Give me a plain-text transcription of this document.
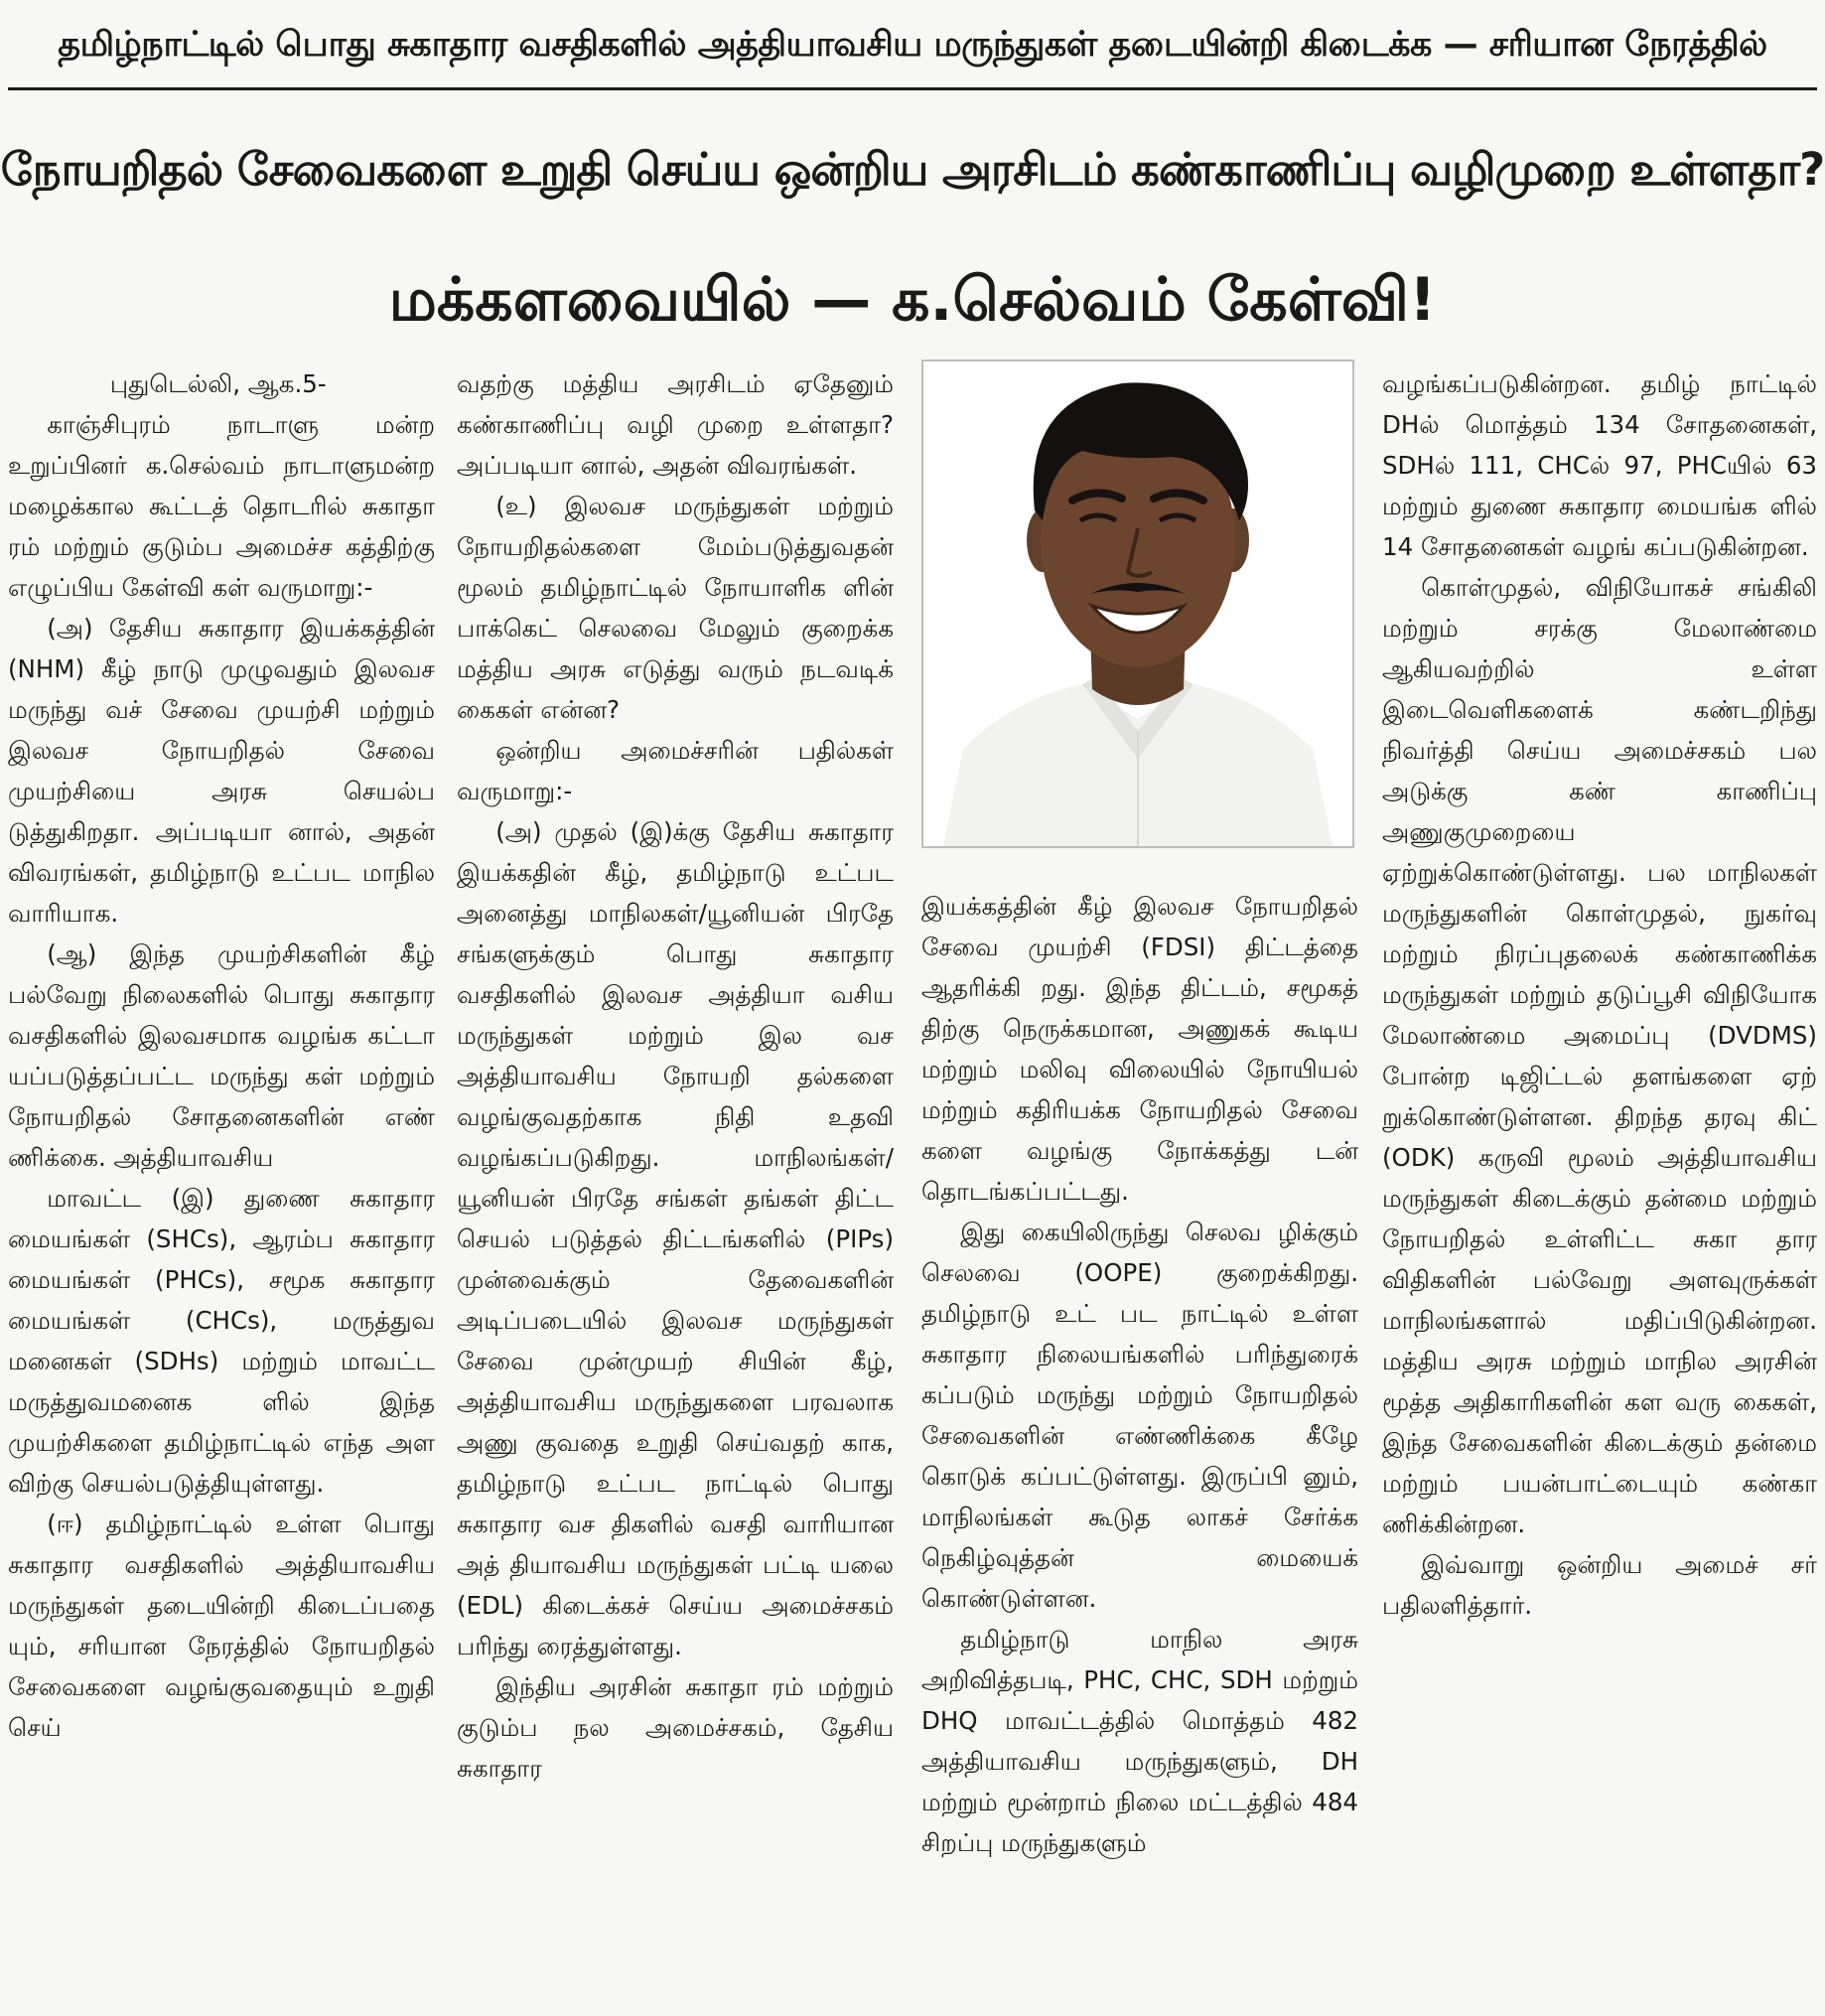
தமிழ்நாட்டில் பொது சுகாதார வசதிகளில் அத்தியாவசிய மருந்துகள் தடையின்றி கிடைக்க — சரியான நேரத்தில்
நோயறிதல் சேவைகளை உறுதி செய்ய ஒன்றிய அரசிடம் கண்காணிப்பு வழிமுறை உள்ளதா?
மக்களவையில் — க.செல்வம் கேள்வி!

புதுடெல்லி, ஆக.5-

காஞ்சிபுரம் நாடாளு மன்ற உறுப்பினர் க.செல்வம் நாடாளுமன்ற மழைக்கால கூட்டத் தொடரில் சுகாதா ரம் மற்றும் குடும்ப அமைச்ச கத்திற்கு எழுப்பிய கேள்வி கள் வருமாறு:-

(அ) தேசிய சுகாதார இயக்கத்தின் (NHM) கீழ் நாடு முழுவதும் இலவச மருந்து வச் சேவை முயற்சி மற்றும் இலவச நோயறிதல் சேவை முயற்சியை அரசு செயல்ப டுத்துகிறதா. அப்படியா னால், அதன் விவரங்கள், தமிழ்நாடு உட்பட மாநில வாரியாக.

(ஆ) இந்த முயற்சிகளின் கீழ் பல்வேறு நிலைகளில் பொது சுகாதார வசதிகளில் இலவசமாக வழங்க கட்டா யப்படுத்தப்பட்ட மருந்து கள் மற்றும் நோயறிதல் சோதனைகளின் எண் ணிக்கை. அத்தியாவசிய

மாவட்ட (இ) துணை சுகாதார மையங்கள் (SHCs), ஆரம்ப சுகாதார மையங்கள் (PHCs), சமூக சுகாதார மையங்கள் (CHCs), மருத்துவ மனைகள் (SDHs) மற்றும் மாவட்ட மருத்துவமனைக ளில் இந்த முயற்சிகளை தமிழ்நாட்டில் எந்த அள விற்கு செயல்படுத்தியுள்ளது.

(ஈ) தமிழ்நாட்டில் உள்ள பொது சுகாதார வசதிகளில் அத்தியாவசிய மருந்துகள் தடையின்றி கிடைப்பதை யும், சரியான நேரத்தில் நோயறிதல் சேவைகளை வழங்குவதையும் உறுதி செய்

வதற்கு மத்திய அரசிடம் ஏதேனும் கண்காணிப்பு வழி முறை உள்ளதா? அப்படியா னால், அதன் விவரங்கள்.

(உ) இலவச மருந்துகள் மற்றும் நோயறிதல்களை மேம்படுத்துவதன் மூலம் தமிழ்நாட்டில் நோயாளிக ளின் பாக்கெட் செலவை மேலும் குறைக்க மத்திய அரசு எடுத்து வரும் நடவடிக் கைகள் என்ன?

ஒன்றிய அமைச்சரின் பதில்கள் வருமாறு:-

(அ) முதல் (இ)க்கு தேசிய சுகாதார இயக்கதின் கீழ், தமிழ்நாடு உட்பட அனைத்து மாநிலகள்/யூனியன் பிரதே சங்களுக்கும் பொது சுகாதார வசதிகளில் இலவச அத்தியா வசிய மருந்துகள் மற்றும் இல வச அத்தியாவசிய நோயறி தல்களை வழங்குவதற்காக நிதி உதவி வழங்கப்படுகிறது. மாநிலங்கள்/யூனியன் பிரதே சங்கள் தங்கள் திட்ட செயல் படுத்தல் திட்டங்களில் (PIPs) முன்வைக்கும் தேவைகளின் அடிப்படையில் இலவச மருந்துகள் சேவை முன்முயற் சியின் கீழ், அத்தியாவசிய மருந்துகளை பரவலாக அணு குவதை உறுதி செய்வதற் காக, தமிழ்நாடு உட்பட நாட்டில் பொது சுகாதார வச திகளில் வசதி வாரியான அத் தியாவசிய மருந்துகள் பட்டி யலை (EDL) கிடைக்கச் செய்ய அமைச்சகம் பரிந்து ரைத்துள்ளது.

இந்திய அரசின் சுகாதா ரம் மற்றும் குடும்ப நல அமைச்சகம், தேசிய சுகாதார

இயக்கத்தின் கீழ் இலவச நோயறிதல் சேவை முயற்சி (FDSI) திட்டத்தை ஆதரிக்கி றது. இந்த திட்டம், சமூகத் திற்கு நெருக்கமான, அணுகக் கூடிய மற்றும் மலிவு விலையில் நோயியல் மற்றும் கதிரியக்க நோயறிதல் சேவை களை வழங்கு நோக்கத்து டன் தொடங்கப்பட்டது.

இது கையிலிருந்து செலவ ழிக்கும் செலவை (OOPE) குறைக்கிறது. தமிழ்நாடு உட் பட நாட்டில் உள்ள சுகாதார நிலையங்களில் பரிந்துரைக் கப்படும் மருந்து மற்றும் நோயறிதல் சேவைகளின் எண்ணிக்கை கீழே கொடுக் கப்பட்டுள்ளது. இருப்பி னும், மாநிலங்கள் கூடுத லாகச் சேர்க்க நெகிழ்வுத்தன் மையைக் கொண்டுள்ளன.

தமிழ்நாடு மாநில அரசு அறிவித்தபடி, PHC, CHC, SDH மற்றும் DHQ மாவட்டத்தில் மொத்தம் 482 அத்தியாவசிய மருந்துகளும், DH மற்றும் மூன்றாம் நிலை மட்டத்தில் 484 சிறப்பு மருந்துகளும்

வழங்கப்படுகின்றன. தமிழ் நாட்டில் DHல் மொத்தம் 134 சோதனைகள், SDHல் 111, CHCல் 97, PHCயில் 63 மற்றும் துணை சுகாதார மையங்க ளில் 14 சோதனைகள் வழங் கப்படுகின்றன.

கொள்முதல், விநியோகச் சங்கிலி மற்றும் சரக்கு மேலாண்மை ஆகியவற்றில் உள்ள இடைவெளிகளைக் கண்டறிந்து நிவர்த்தி செய்ய அமைச்சகம் பல அடுக்கு கண் காணிப்பு அணுகுமுறையை ஏற்றுக்கொண்டுள்ளது. பல மாநிலகள் மருந்துகளின் கொள்முதல், நுகர்வு மற்றும் நிரப்புதலைக் கண்காணிக்க மருந்துகள் மற்றும் தடுப்பூசி விநியோக மேலாண்மை அமைப்பு (DVDMS) போன்ற டிஜிட்டல் தளங்களை ஏற் றுக்கொண்டுள்ளன. திறந்த தரவு கிட் (ODK) கருவி மூலம் அத்தியாவசிய மருந்துகள் கிடைக்கும் தன்மை மற்றும் நோயறிதல் உள்ளிட்ட சுகா தார விதிகளின் பல்வேறு அளவுருக்கள் மாநிலங்களால் மதிப்பிடுகின்றன. மத்திய அரசு மற்றும் மாநில அரசின் மூத்த அதிகாரிகளின் கள வரு கைகள், இந்த சேவைகளின் கிடைக்கும் தன்மை மற்றும் பயன்பாட்டையும் கண்கா ணிக்கின்றன.

இவ்வாறு ஒன்றிய அமைச் சர் பதிலளித்தார்.
